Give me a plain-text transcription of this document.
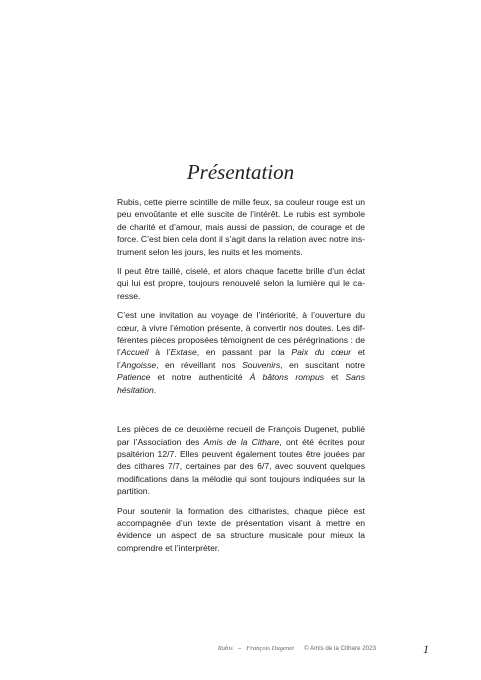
Présentation

Rubis, cette pierre scintille de mille feux, sa couleur rouge est un peu envoûtante et elle suscite de l’intérêt. Le rubis est symbole de charité et d’amour, mais aussi de passion, de courage et de force. C’est bien cela dont il s’agit dans la relation avec notre instrument selon les jours, les nuits et les moments.

Il peut être taillé, ciselé, et alors chaque facette brille d’un éclat qui lui est propre, toujours renouvelé selon la lumière qui le caresse.

C’est une invitation au voyage de l’intériorité, à l’ouverture du cœur, à vivre l’émotion présente, à convertir nos doutes. Les différentes pièces proposées témoignent de ces pérégrinations : de l’Accueil à l’Extase, en passant par la Paix du cœur et l’Angoisse, en réveillant nos Souvenirs, en suscitant notre Patience et notre authenticité À bâtons rompus et Sans hésitation.

Les pièces de ce deuxième recueil de François Dugenet, publié par l’Association des Amis de la Cithare, ont été écrites pour psaltérion 12/7. Elles peuvent également toutes être jouées par des cithares 7/7, certaines par des 6/7, avec souvent quelques modifications dans la mélodie qui sont toujours indiquées sur la partition.

Pour soutenir la formation des citharistes, chaque pièce est accompagnée d’un texte de présentation visant à mettre en évidence un aspect de sa structure musicale pour mieux la comprendre et l’interpréter.

Rubis – François Dugenet © Amis de la Cithare 2023	1
